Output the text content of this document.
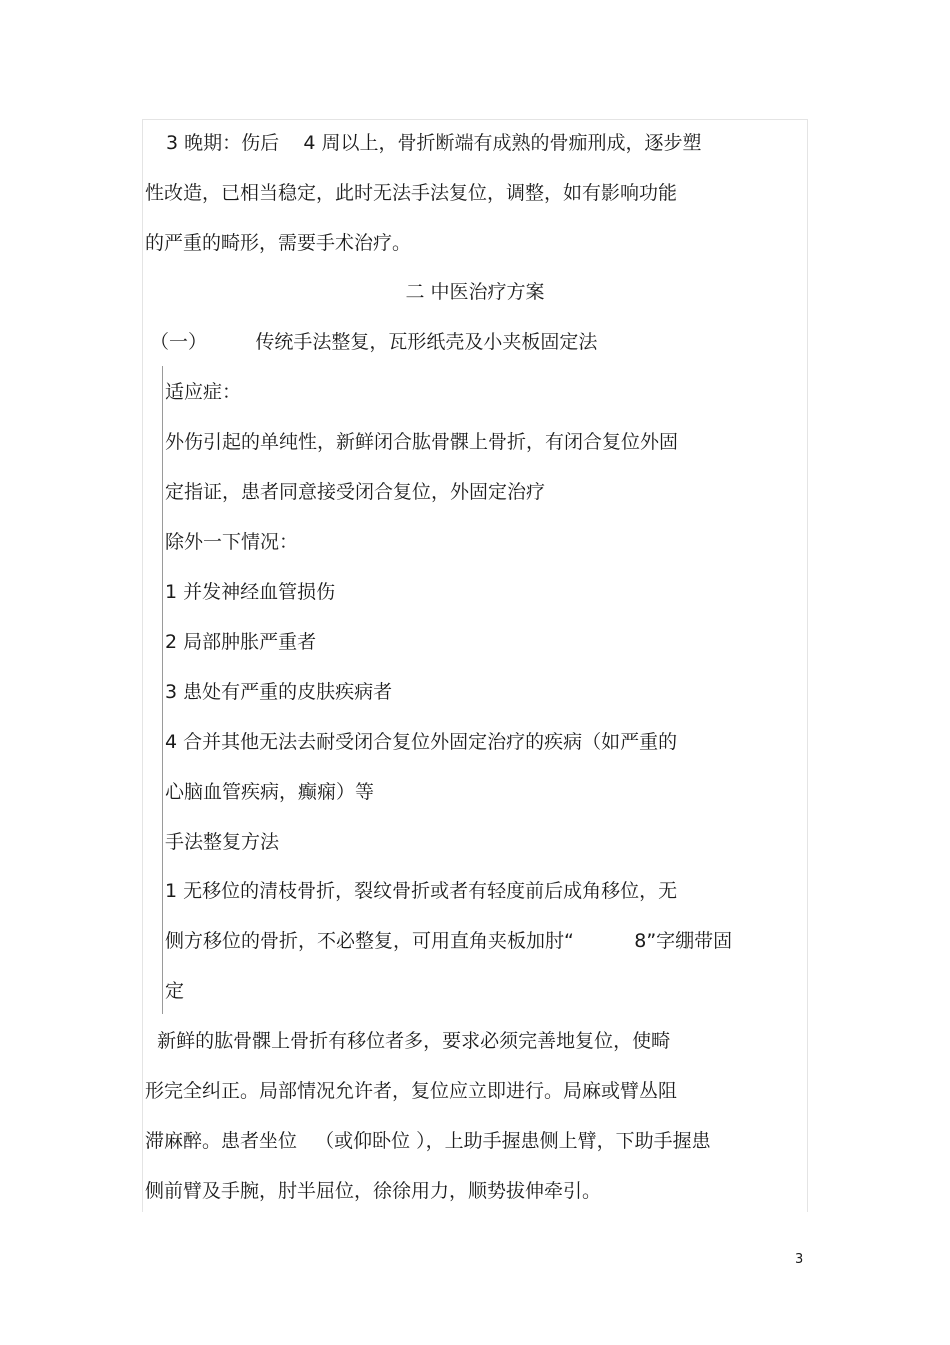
3 晚期：伤后    4 周以上，骨折断端有成熟的骨痂刑成，逐步塑
性改造，已相当稳定，此时无法手法复位，调整，如有影响功能
的严重的畸形，需要手术治疗。
二 中医治疗方案
（一）        传统手法整复，瓦形纸壳及小夹板固定法
适应症：
外伤引起的单纯性，新鲜闭合肱骨髁上骨折，有闭合复位外固
定指证，患者同意接受闭合复位，外固定治疗
除外一下情况：
1 并发神经血管损伤
2 局部肿胀严重者
3 患处有严重的皮肤疾病者
4 合并其他无法去耐受闭合复位外固定治疗的疾病（如严重的
心脑血管疾病，癫痫）等
手法整复方法
1 无移位的清枝骨折，裂纹骨折或者有轻度前后成角移位，无
侧方移位的骨折，不必整复，可用直角夹板加肘“          8”字绷带固
定
新鲜的肱骨髁上骨折有移位者多，要求必须完善地复位，使畸
形完全纠正。局部情况允许者，复位应立即进行。局麻或臂丛阻
滞麻醉。患者坐位   （或仰卧位 ），上助手握患侧上臂，下助手握患
侧前臂及手腕，肘半屈位，徐徐用力，顺势拔伸牵引。
3
